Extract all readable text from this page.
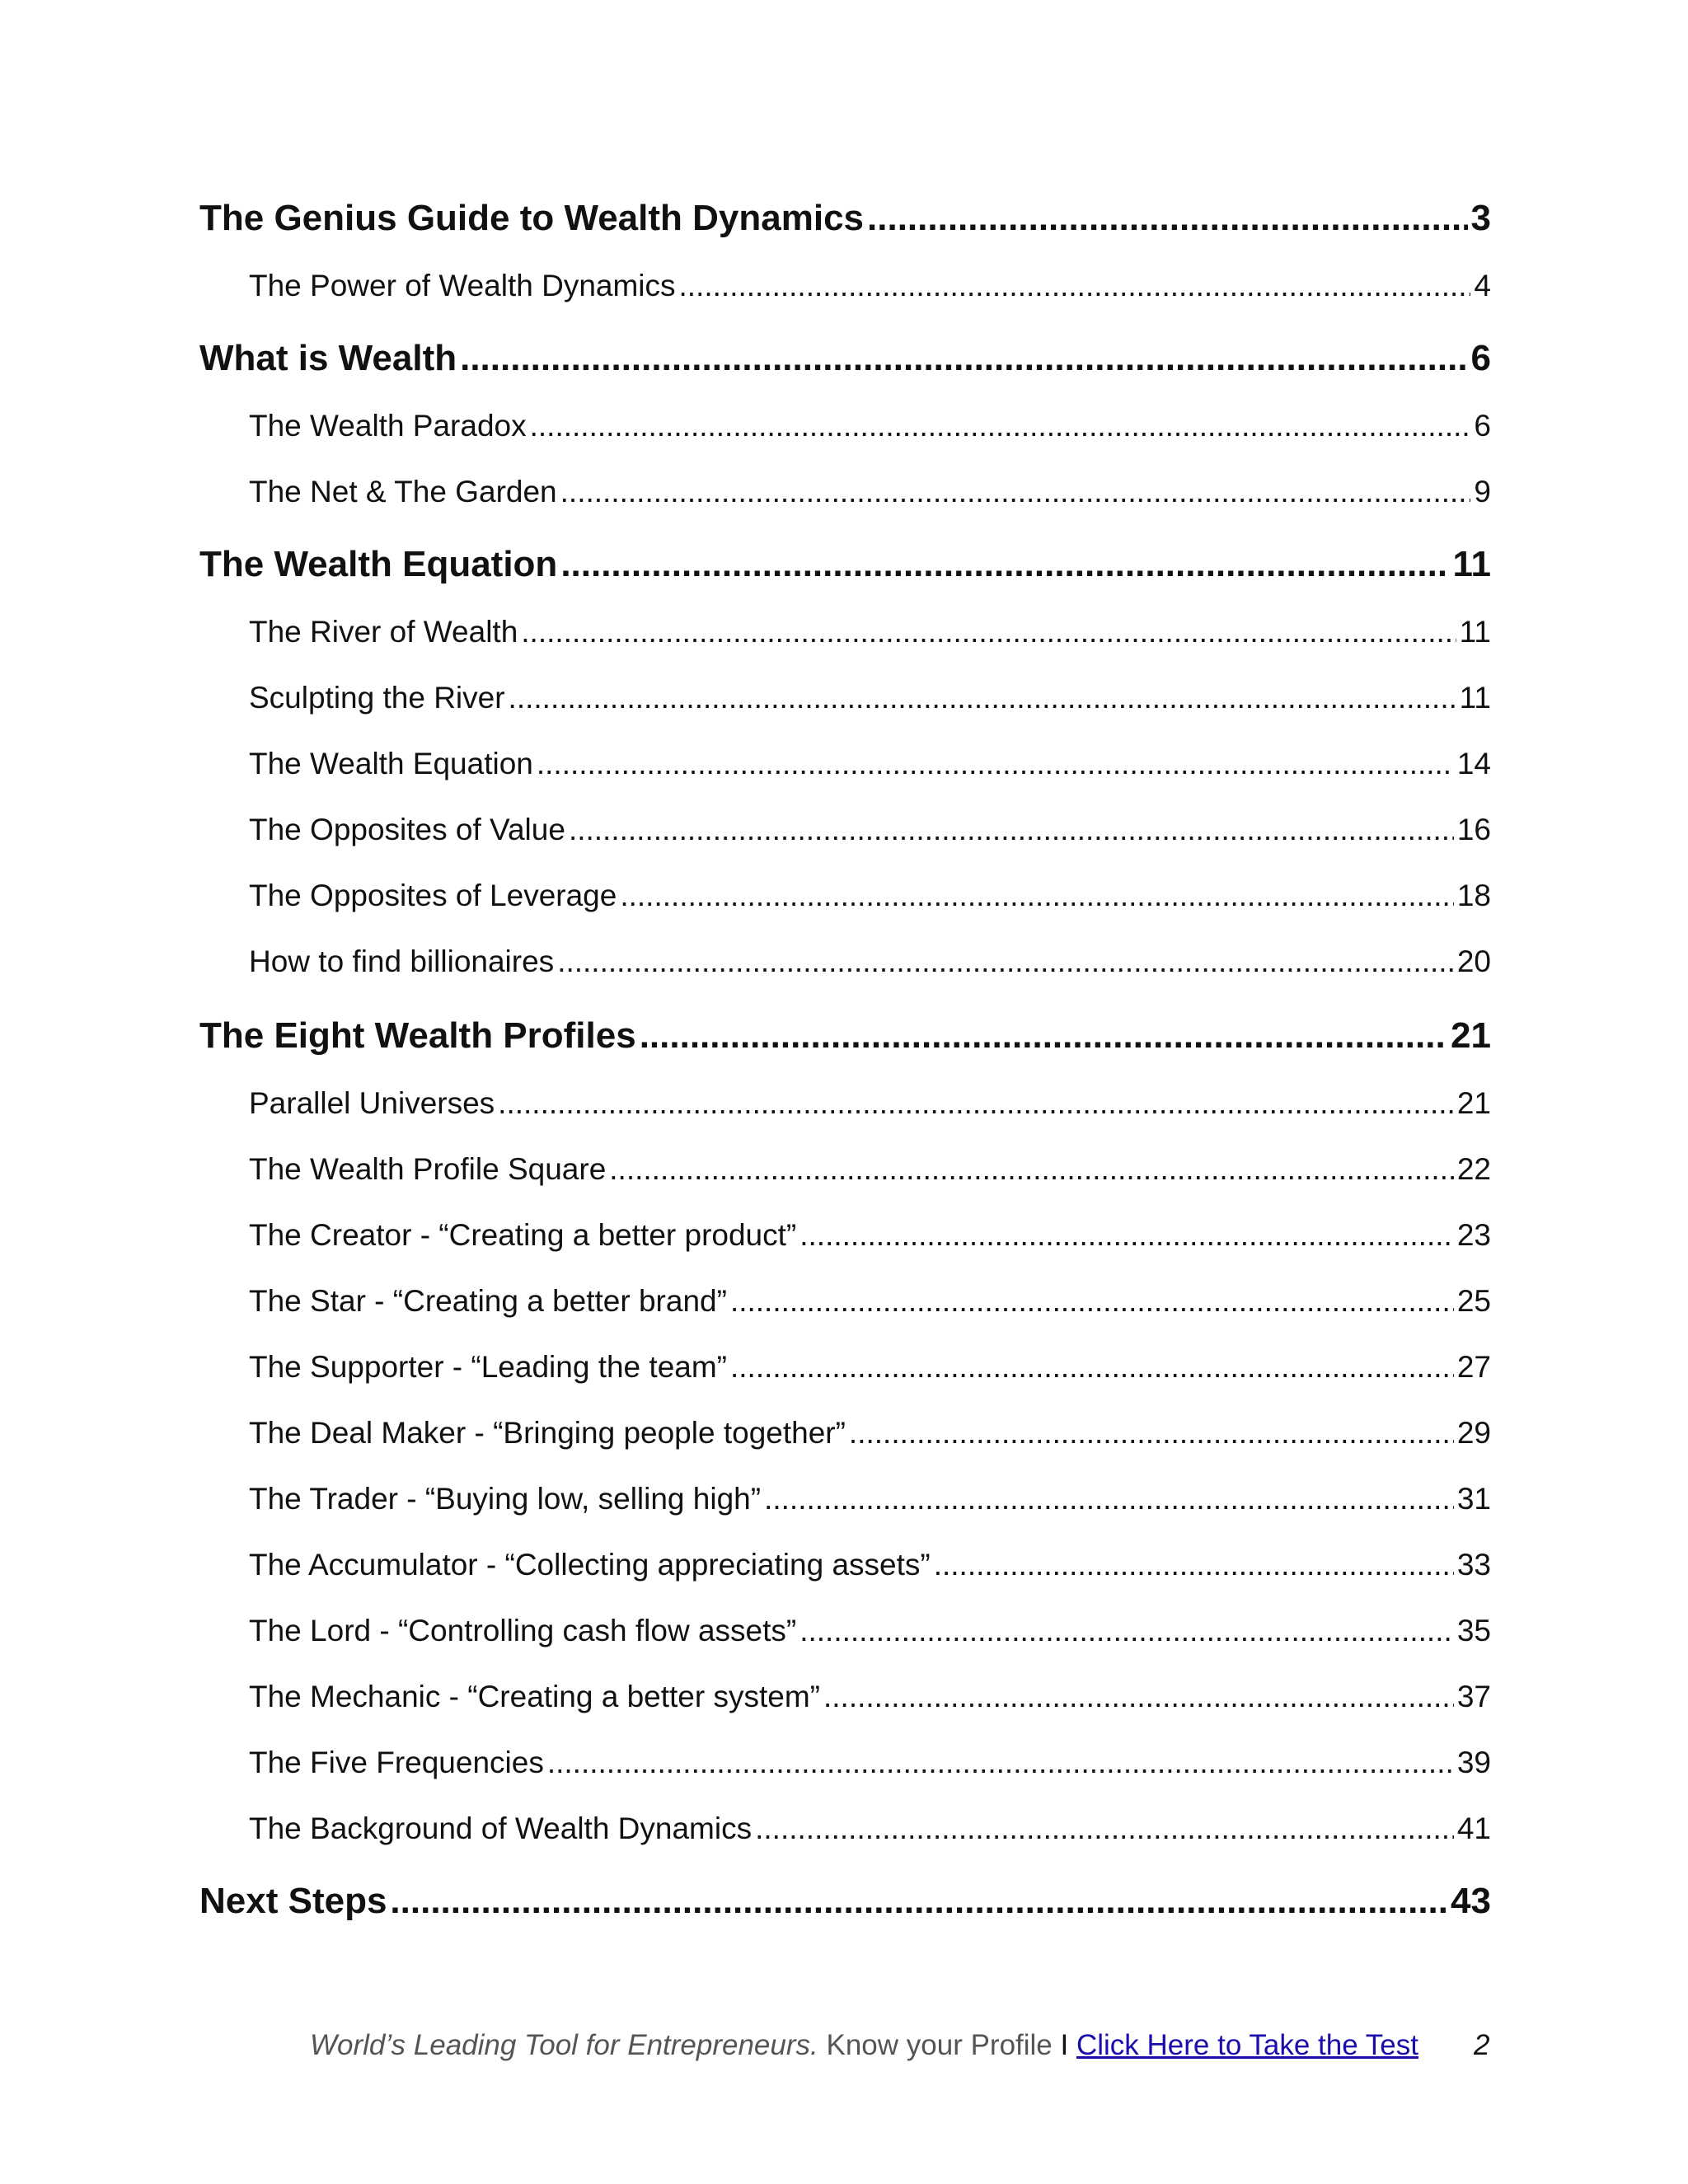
The Genius Guide to Wealth Dynamics .....	3
The Power of Wealth Dynamics .....	4
What is Wealth .....	6
The Wealth Paradox .....	6
The Net & The Garden .....	9
The Wealth Equation .....	11
The River of Wealth .....	11
Sculpting the River .....	11
The Wealth Equation .....	14
The Opposites of Value .....	16
The Opposites of Leverage .....	18
How to find billionaires .....	20
The Eight Wealth Profiles .....	21
Parallel Universes .....	21
The Wealth Profile Square .....	22
The Creator - “Creating a better product” .....	23
The Star - “Creating a better brand” .....	25
The Supporter - “Leading the team” .....	27
The Deal Maker - “Bringing people together” .....	29
The Trader - “Buying low, selling high” .....	31
The Accumulator - “Collecting appreciating assets” .....	33
The Lord - “Controlling cash flow assets” .....	35
The Mechanic - “Creating a better system” .....	37
The Five Frequencies .....	39
The Background of Wealth Dynamics .....	41
Next Steps .....	43
World’s Leading Tool for Entrepreneurs. Know your Profile I Click Here to Take the Test 2
